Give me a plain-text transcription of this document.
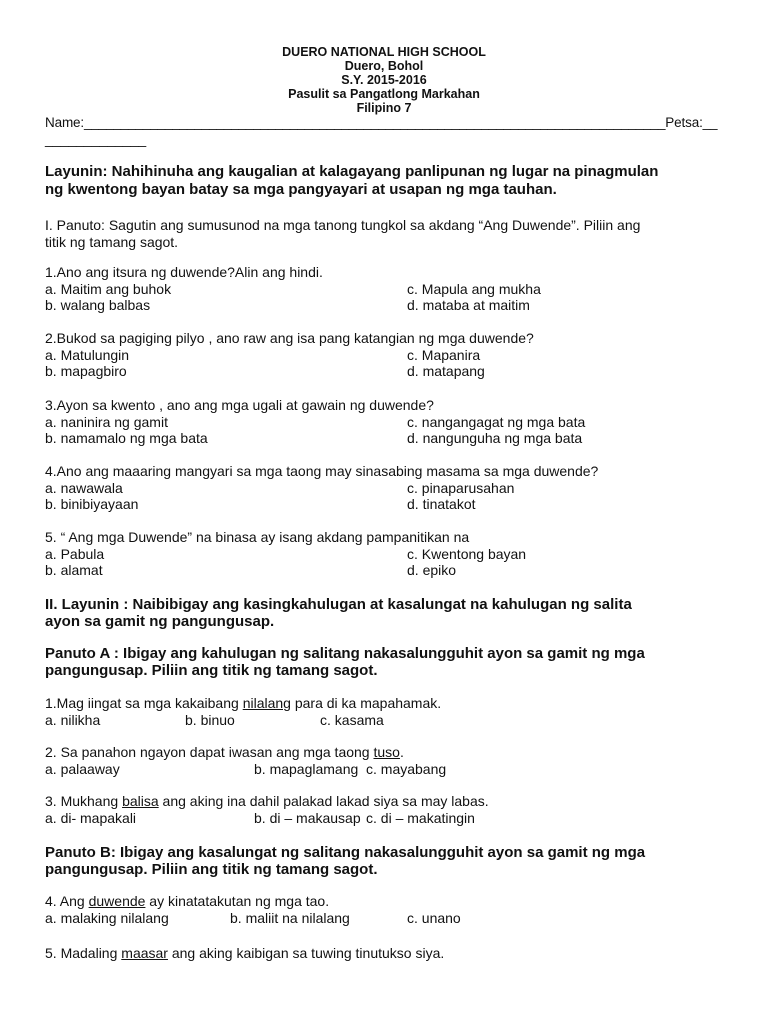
DUERO NATIONAL HIGH SCHOOL
Duero, Bohol
S.Y. 2015-2016
Pasulit sa Pangatlong Markahan
Filipino 7
Name:_______________________________________________________________________________Petsa:__
_____________
Layunin: Nahihinuha ang kaugalian at kalagayang panlipunan ng lugar na pinagmulan
ng kwentong bayan batay sa mga pangyayari at usapan ng mga tauhan.
I. Panuto: Sagutin ang sumusunod na mga tanong tungkol sa akdang “Ang Duwende”. Piliin ang
titik ng tamang sagot.
II. Layunin : Naibibigay ang kasingkahulugan at kasalungat na kahulugan ng salita
ayon sa gamit ng pangungusap.
Panuto A : Ibigay ang kahulugan ng salitang nakasalungguhit ayon sa gamit ng mga
pangungusap. Piliin ang titik ng tamang sagot.
Panuto B: Ibigay ang kasalungat ng salitang nakasalungguhit ayon sa gamit ng mga
pangungusap. Piliin ang titik ng tamang sagot.
1.Ano ang itsura ng duwende?Alin ang hindi.
a. Maitim ang buhok
b. walang balbas
c. Mapula ang mukha
d. mataba at maitim
2.Bukod sa pagiging pilyo , ano raw ang isa pang katangian ng mga duwende?
a. Matulungin
b. mapagbiro
c. Mapanira
d. matapang
3.Ayon sa kwento , ano ang mga ugali at gawain ng duwende?
a. naninira ng gamit
b. namamalo ng mga bata
c. nangangagat ng mga bata
d. nangunguha ng mga bata
4.Ano ang maaaring mangyari sa mga taong may sinasabing masama sa mga duwende?
a. nawawala
b. binibiyayaan
c. pinaparusahan
d. tinatakot
5. “ Ang mga Duwende” na binasa ay isang akdang pampanitikan na
a. Pabula
b. alamat
c. Kwentong bayan
d. epiko
1.Mag iingat sa mga kakaibang nilalang para di ka mapahamak.
a. nilikha	b. binuo	c. kasama
2. Sa panahon ngayon dapat iwasan ang mga taong tuso.
a. palaaway	b. mapaglamang c. mayabang
3. Mukhang balisa ang aking ina dahil palakad lakad siya sa may labas.
a. di- mapakali	b. di – makausap c. di – makatingin
4. Ang duwende ay kinatatakutan ng mga tao.
a. malaking nilalang	b. maliit na nilalang	c. unano
5. Madaling maasar ang aking kaibigan sa tuwing tinutukso siya.
